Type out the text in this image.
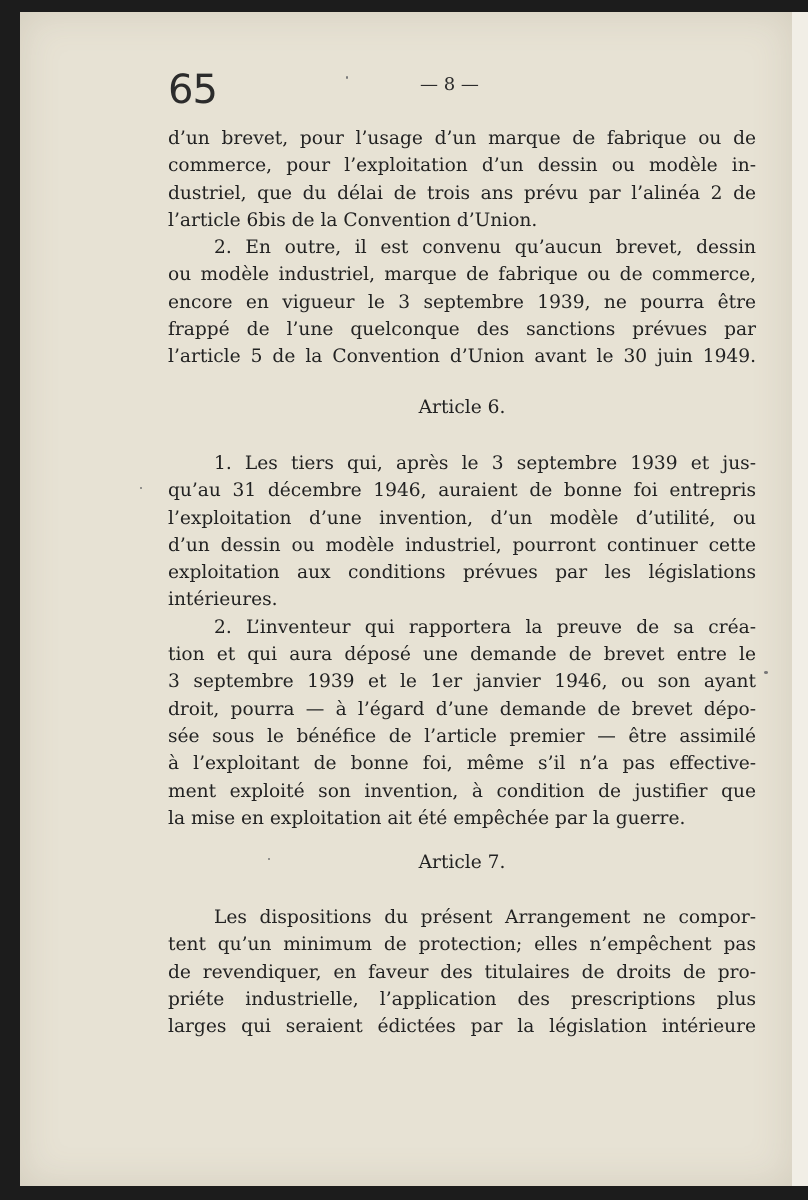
65	— 8 —
d’un brevet, pour l’usage d’un marque de fabrique ou de
commerce, pour l’exploitation d’un dessin ou modèle in-
dustriel, que du délai de trois ans prévu par l’alinéa 2 de
l’article 6bis de la Convention d’Union.
2. En outre, il est convenu qu’aucun brevet, dessin
ou modèle industriel, marque de fabrique ou de commerce,
encore en vigueur le 3 septembre 1939, ne pourra être
frappé de l’une quelconque des sanctions prévues par
l’article 5 de la Convention d’Union avant le 30 juin 1949.
Article 6.
1. Les tiers qui, après le 3 septembre 1939 et jus-
qu’au 31 décembre 1946, auraient de bonne foi entrepris
l’exploitation d’une invention, d’un modèle d’utilité, ou
d’un dessin ou modèle industriel, pourront continuer cette
exploitation aux conditions prévues par les législations
intérieures.
2. L’inventeur qui rapportera la preuve de sa créa-
tion et qui aura déposé une demande de brevet entre le
3 septembre 1939 et le 1er janvier 1946, ou son ayant
droit, pourra — à l’égard d’une demande de brevet dépo-
sée sous le bénéfice de l’article premier — être assimilé
à l’exploitant de bonne foi, même s’il n’a pas effective-
ment exploité son invention, à condition de justifier que
la mise en exploitation ait été empêchée par la guerre.
Article 7.
Les dispositions du présent Arrangement ne compor-
tent qu’un minimum de protection; elles n’empêchent pas
de revendiquer, en faveur des titulaires de droits de pro-
priéte industrielle, l’application des prescriptions plus
larges qui seraient édictées par la législation intérieure
